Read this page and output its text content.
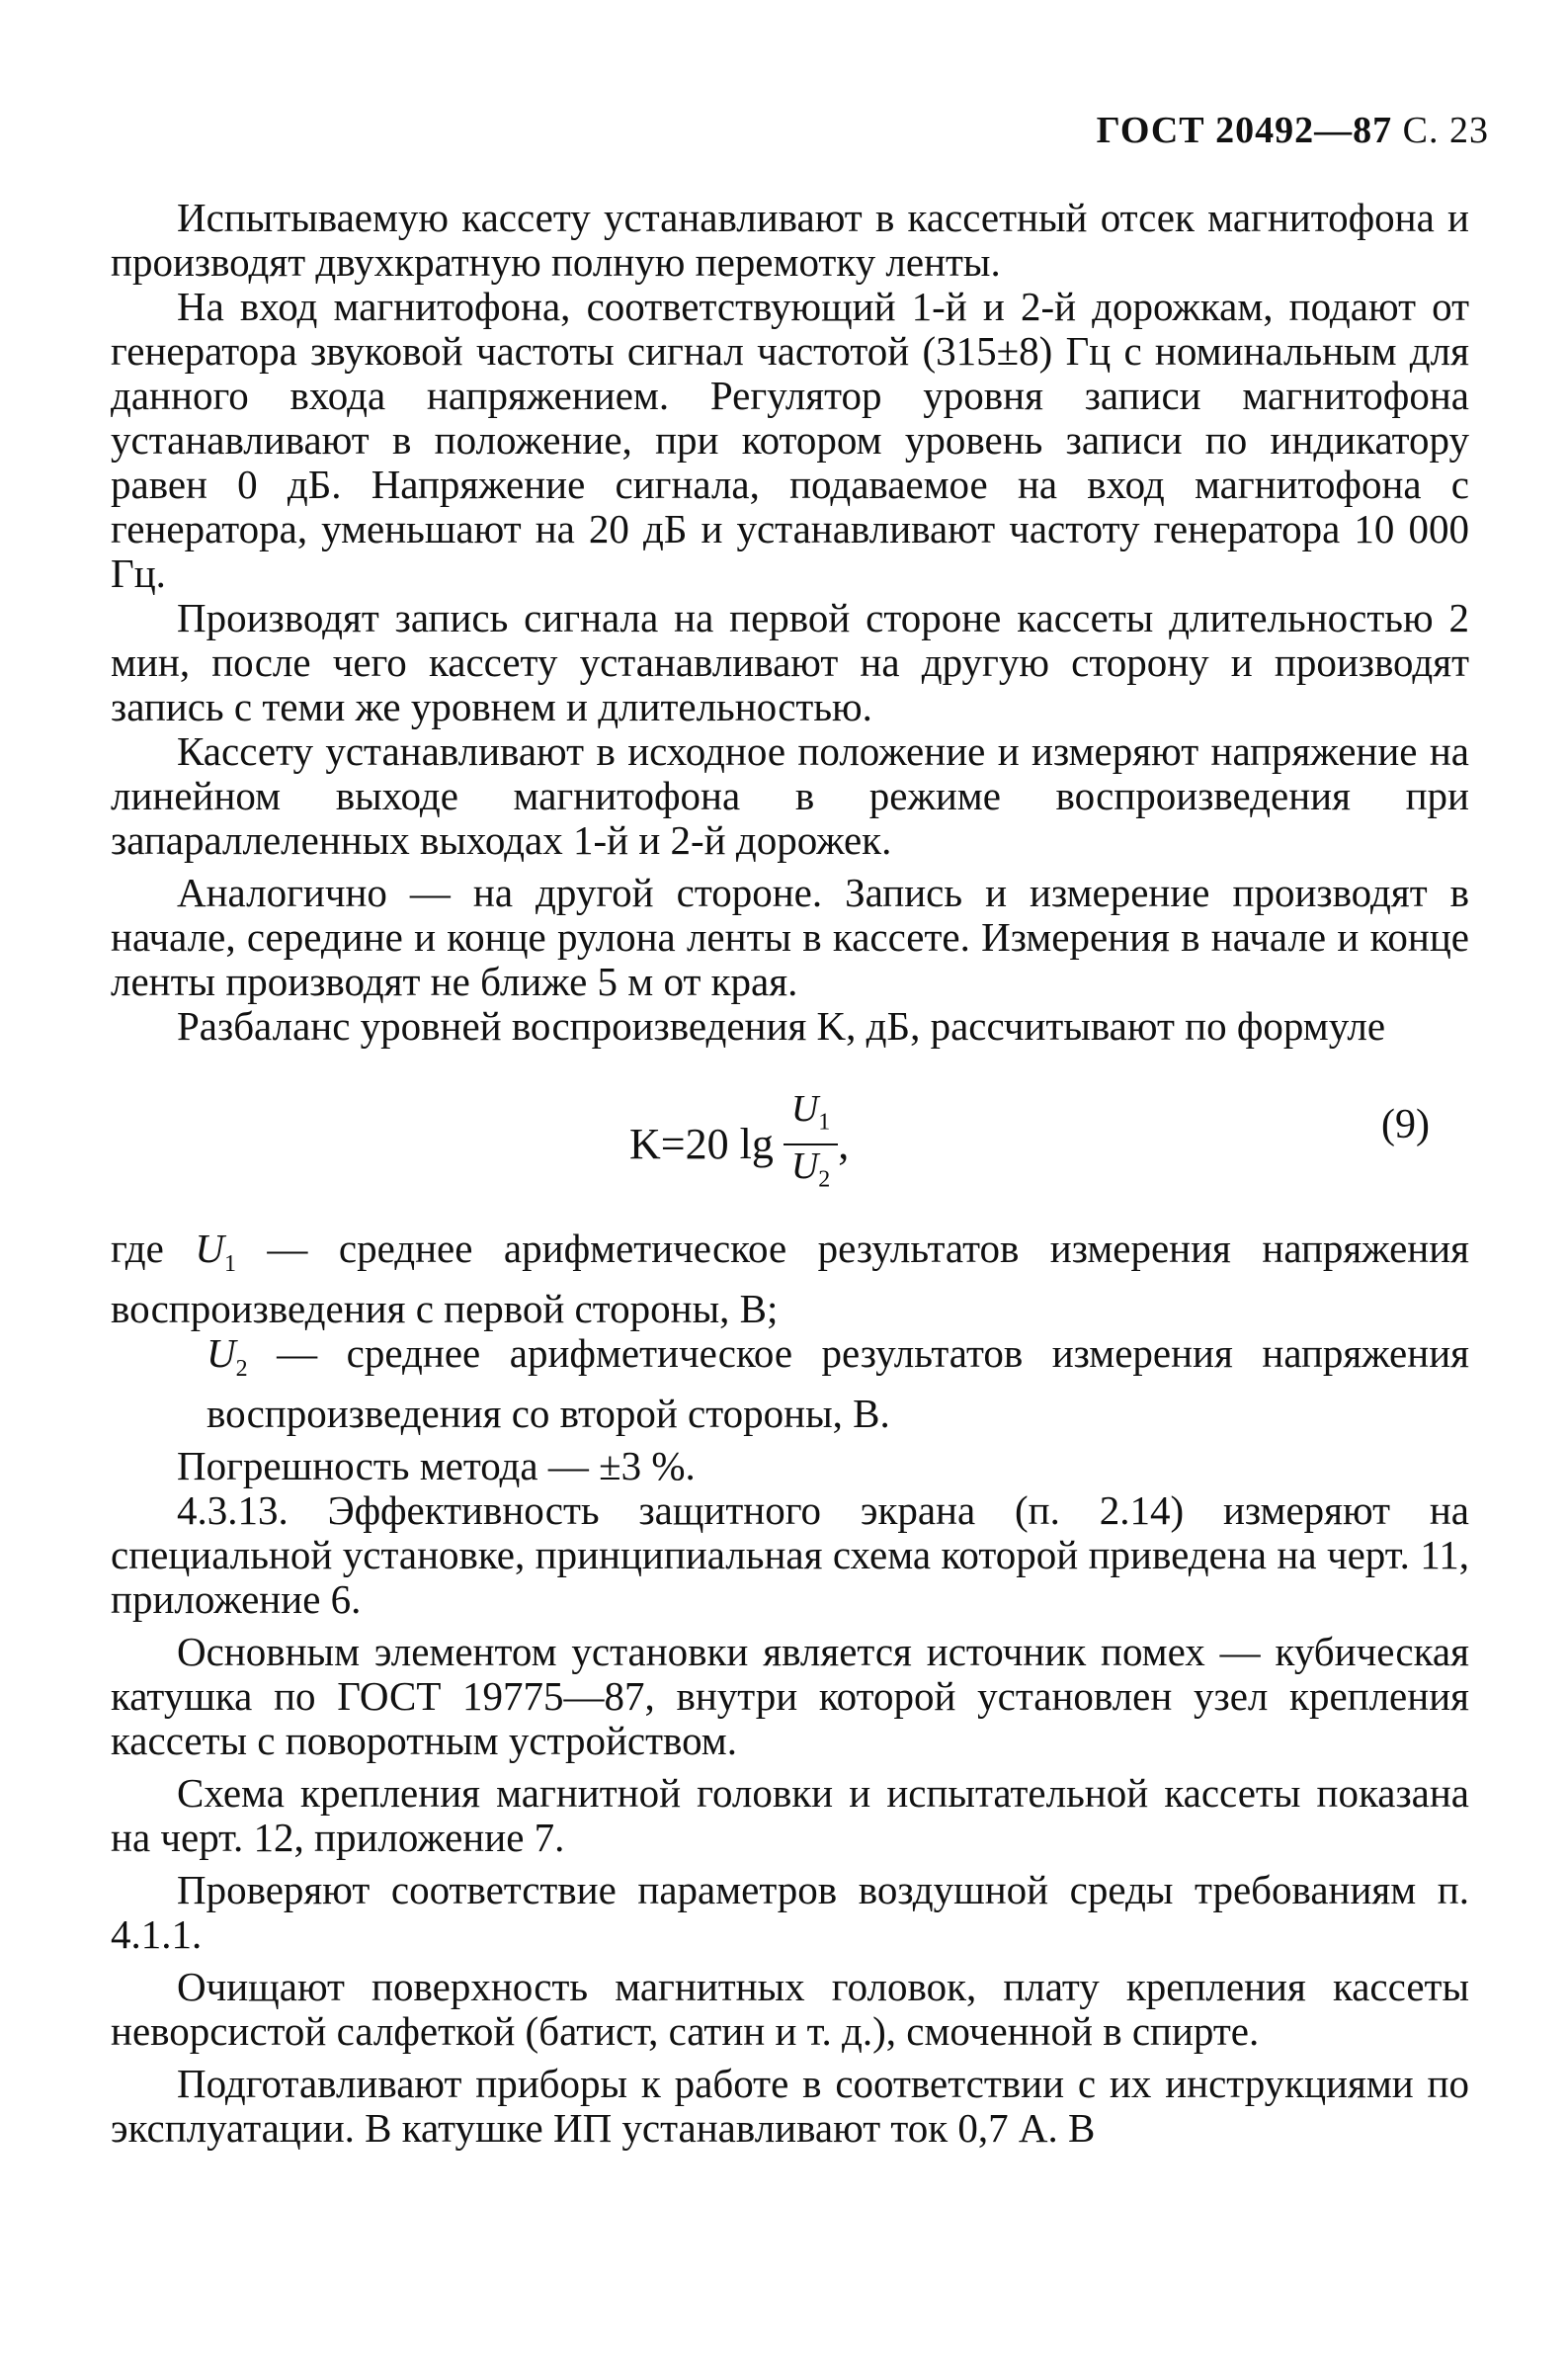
ГОСТ 20492—87 С. 23

Испытываемую кассету устанавливают в кассетный отсек магнитофона и производят двухкратную полную перемотку ленты.

На вход магнитофона, соответствующий 1-й и 2-й дорожкам, подают от генератора звуковой частоты сигнал частотой (315±8) Гц с номинальным для данного входа напряжением. Регулятор уровня записи магнитофона устанавливают в положение, при котором уровень записи по индикатору равен 0 дБ. Напряжение сигнала, подаваемое на вход магнитофона с генератора, уменьшают на 20 дБ и устанавливают частоту генератора 10 000 Гц.

Производят запись сигнала на первой стороне кассеты длительностью 2 мин, после чего кассету устанавливают на другую сторону и производят запись с теми же уровнем и длительностью.

Кассету устанавливают в исходное положение и измеряют напряжение на линейном выходе магнитофона в режиме воспроизведения при запараллеленных выходах 1-й и 2-й дорожек.

Аналогично — на другой стороне. Запись и измерение производят в начале, середине и конце рулона ленты в кассете. Измерения в начале и конце ленты производят не ближе 5 м от края.

Разбаланс уровней воспроизведения K, дБ, рассчитывают по формуле

K=20 $\lg \frac{U_1}{U_2}$ ,	(9)
где $U_1$ — среднее арифметическое результатов измерения напряжения воспроизведения с первой стороны, В;
$U_2$ — среднее арифметическое результатов измерения напряжения воспроизведения со второй стороны, В.

Погрешность метода — ±3 %.

4.3.13. Эффективность защитного экрана (п. 2.14) измеряют на специальной установке, принципиальная схема которой приведена на черт. 11, приложение 6.

Основным элементом установки является источник помех — кубическая катушка по ГОСТ 19775—87, внутри которой установлен узел крепления кассеты с поворотным устройством.

Схема крепления магнитной головки и испытательной кассеты показана на черт. 12, приложение 7.

Проверяют соответствие параметров воздушной среды требованиям п. 4.1.1.

Очищают поверхность магнитных головок, плату крепления кассеты неворсистой салфеткой (батист, сатин и т. д.), смоченной в спирте.

Подготавливают приборы к работе в соответствии с их инструкциями по эксплуатации. В катушке ИП устанавливают ток 0,7 А. В
